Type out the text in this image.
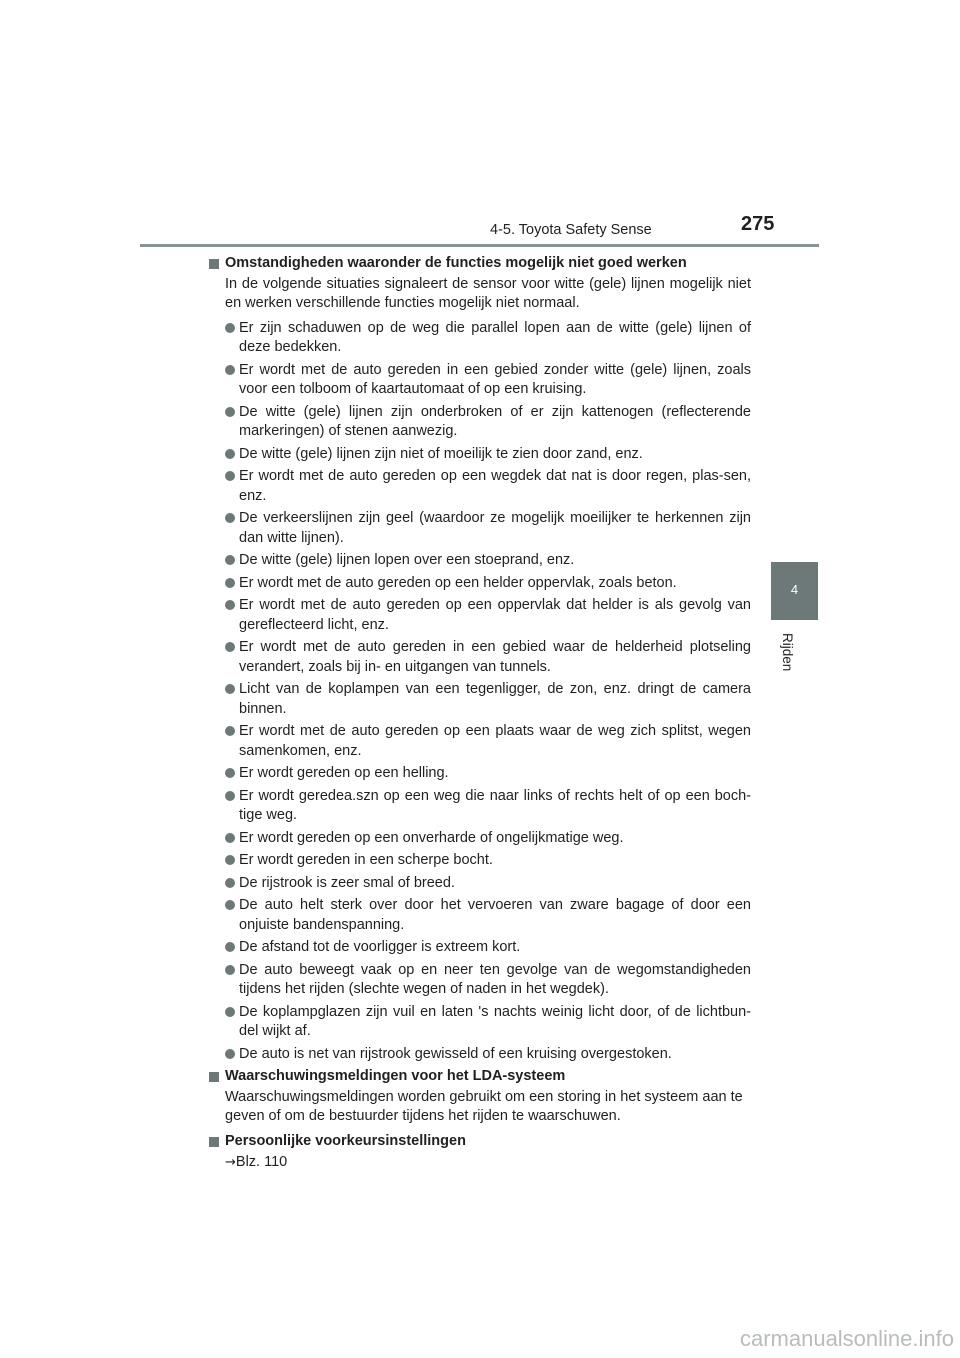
4-5. Toyota Safety Sense	275
4
Rijden
Omstandigheden waaronder de functies mogelijk niet goed werken
In de volgende situaties signaleert de sensor voor witte (gele) lijnen mogelijk niet en werken verschillende functies mogelijk niet normaal.
Er zijn schaduwen op de weg die parallel lopen aan de witte (gele) lijnen of deze bedekken.
Er wordt met de auto gereden in een gebied zonder witte (gele) lijnen, zoals voor een tolboom of kaartautomaat of op een kruising.
De witte (gele) lijnen zijn onderbroken of er zijn kattenogen (reflecterende markeringen) of stenen aanwezig.
De witte (gele) lijnen zijn niet of moeilijk te zien door zand, enz.
Er wordt met de auto gereden op een wegdek dat nat is door regen, plas-sen, enz.
De verkeerslijnen zijn geel (waardoor ze mogelijk moeilijker te herkennen zijn dan witte lijnen).
De witte (gele) lijnen lopen over een stoeprand, enz.
Er wordt met de auto gereden op een helder oppervlak, zoals beton.
Er wordt met de auto gereden op een oppervlak dat helder is als gevolg van gereflecteerd licht, enz.
Er wordt met de auto gereden in een gebied waar de helderheid plotseling verandert, zoals bij in- en uitgangen van tunnels.
Licht van de koplampen van een tegenligger, de zon, enz. dringt de camera binnen.
Er wordt met de auto gereden op een plaats waar de weg zich splitst, wegen samenkomen, enz.
Er wordt gereden op een helling.
Er wordt geredea.szn op een weg die naar links of rechts helt of op een boch-tige weg.
Er wordt gereden op een onverharde of ongelijkmatige weg.
Er wordt gereden in een scherpe bocht.
De rijstrook is zeer smal of breed.
De auto helt sterk over door het vervoeren van zware bagage of door een onjuiste bandenspanning.
De afstand tot de voorligger is extreem kort.
De auto beweegt vaak op en neer ten gevolge van de wegomstandigheden tijdens het rijden (slechte wegen of naden in het wegdek).
De koplampglazen zijn vuil en laten 's nachts weinig licht door, of de lichtbun-del wijkt af.
De auto is net van rijstrook gewisseld of een kruising overgestoken.
Waarschuwingsmeldingen voor het LDA-systeem
Waarschuwingsmeldingen worden gebruikt om een storing in het systeem aan te geven of om de bestuurder tijdens het rijden te waarschuwen.
Persoonlijke voorkeursinstellingen
→Blz. 110
carmanualsonline.info
